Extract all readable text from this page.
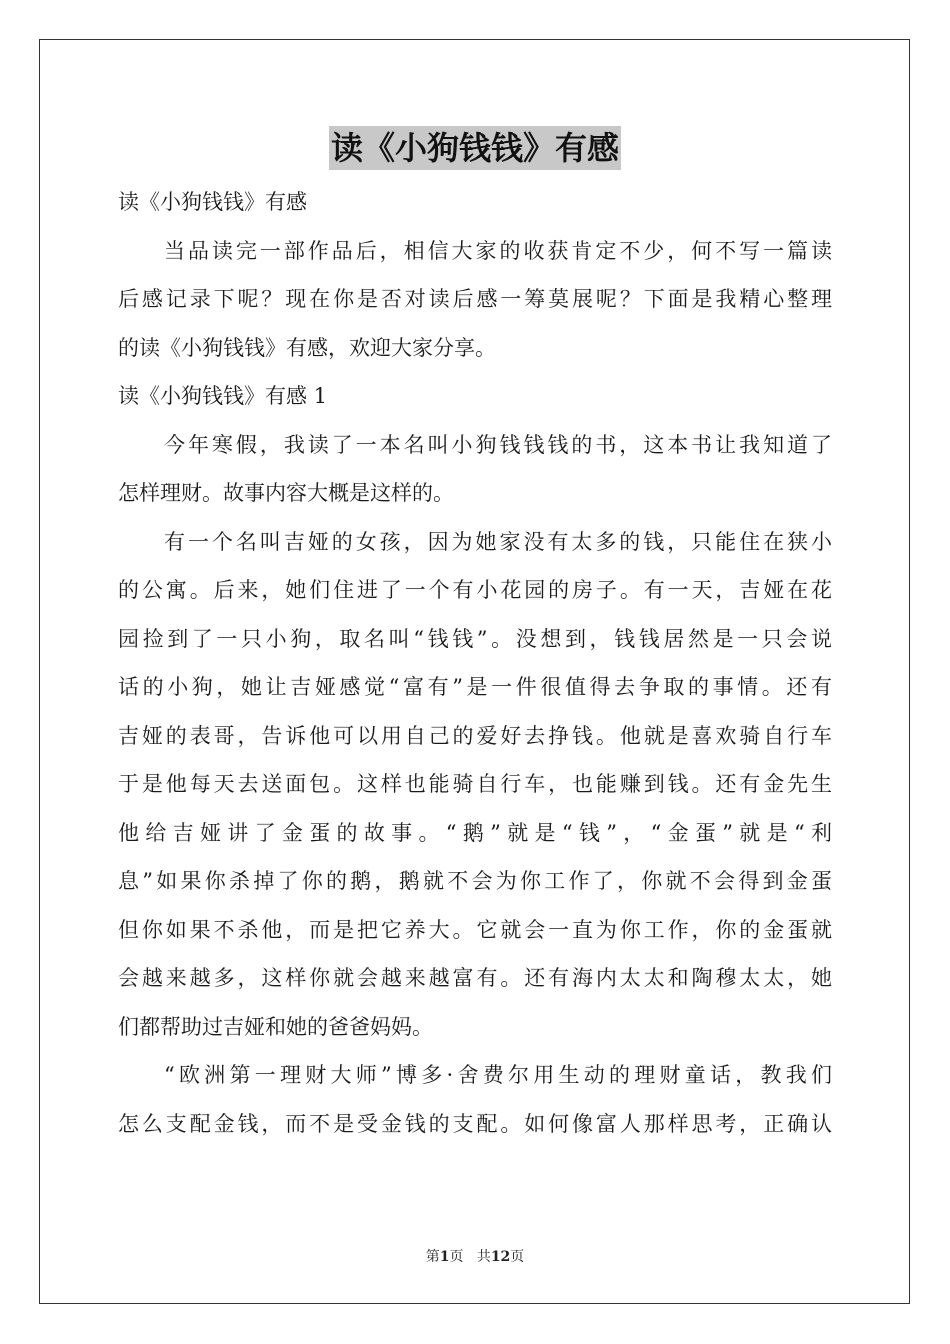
读《小狗钱钱》有感
读《小狗钱钱》有感
当品读完一部作品后，相信大家的收获肯定不少，何不写一篇读
后感记录下呢？现在你是否对读后感一筹莫展呢？下面是我精心整理
的读《小狗钱钱》有感，欢迎大家分享。
读《小狗钱钱》有感 1
今年寒假，我读了一本名叫小狗钱钱钱的书，这本书让我知道了
怎样理财。故事内容大概是这样的。
有一个名叫吉娅的女孩，因为她家没有太多的钱，只能住在狭小
的公寓。后来，她们住进了一个有小花园的房子。有一天，吉娅在花
园捡到了一只小狗，取名叫“钱钱”。没想到，钱钱居然是一只会说
话的小狗，她让吉娅感觉“富有”是一件很值得去争取的事情。还有
吉娅的表哥，告诉他可以用自己的爱好去挣钱。他就是喜欢骑自行车
于是他每天去送面包。这样也能骑自行车，也能赚到钱。还有金先生
他给吉娅讲了金蛋的故事。“鹅”就是“钱”，“金蛋”就是“利
息”如果你杀掉了你的鹅，鹅就不会为你工作了，你就不会得到金蛋
但你如果不杀他，而是把它养大。它就会一直为你工作，你的金蛋就
会越来越多，这样你就会越来越富有。还有海内太太和陶穆太太，她
们都帮助过吉娅和她的爸爸妈妈。
“欧洲第一理财大师”博多·舍费尔用生动的理财童话，教我们
怎么支配金钱，而不是受金钱的支配。如何像富人那样思考，正确认
第1页 共12页
